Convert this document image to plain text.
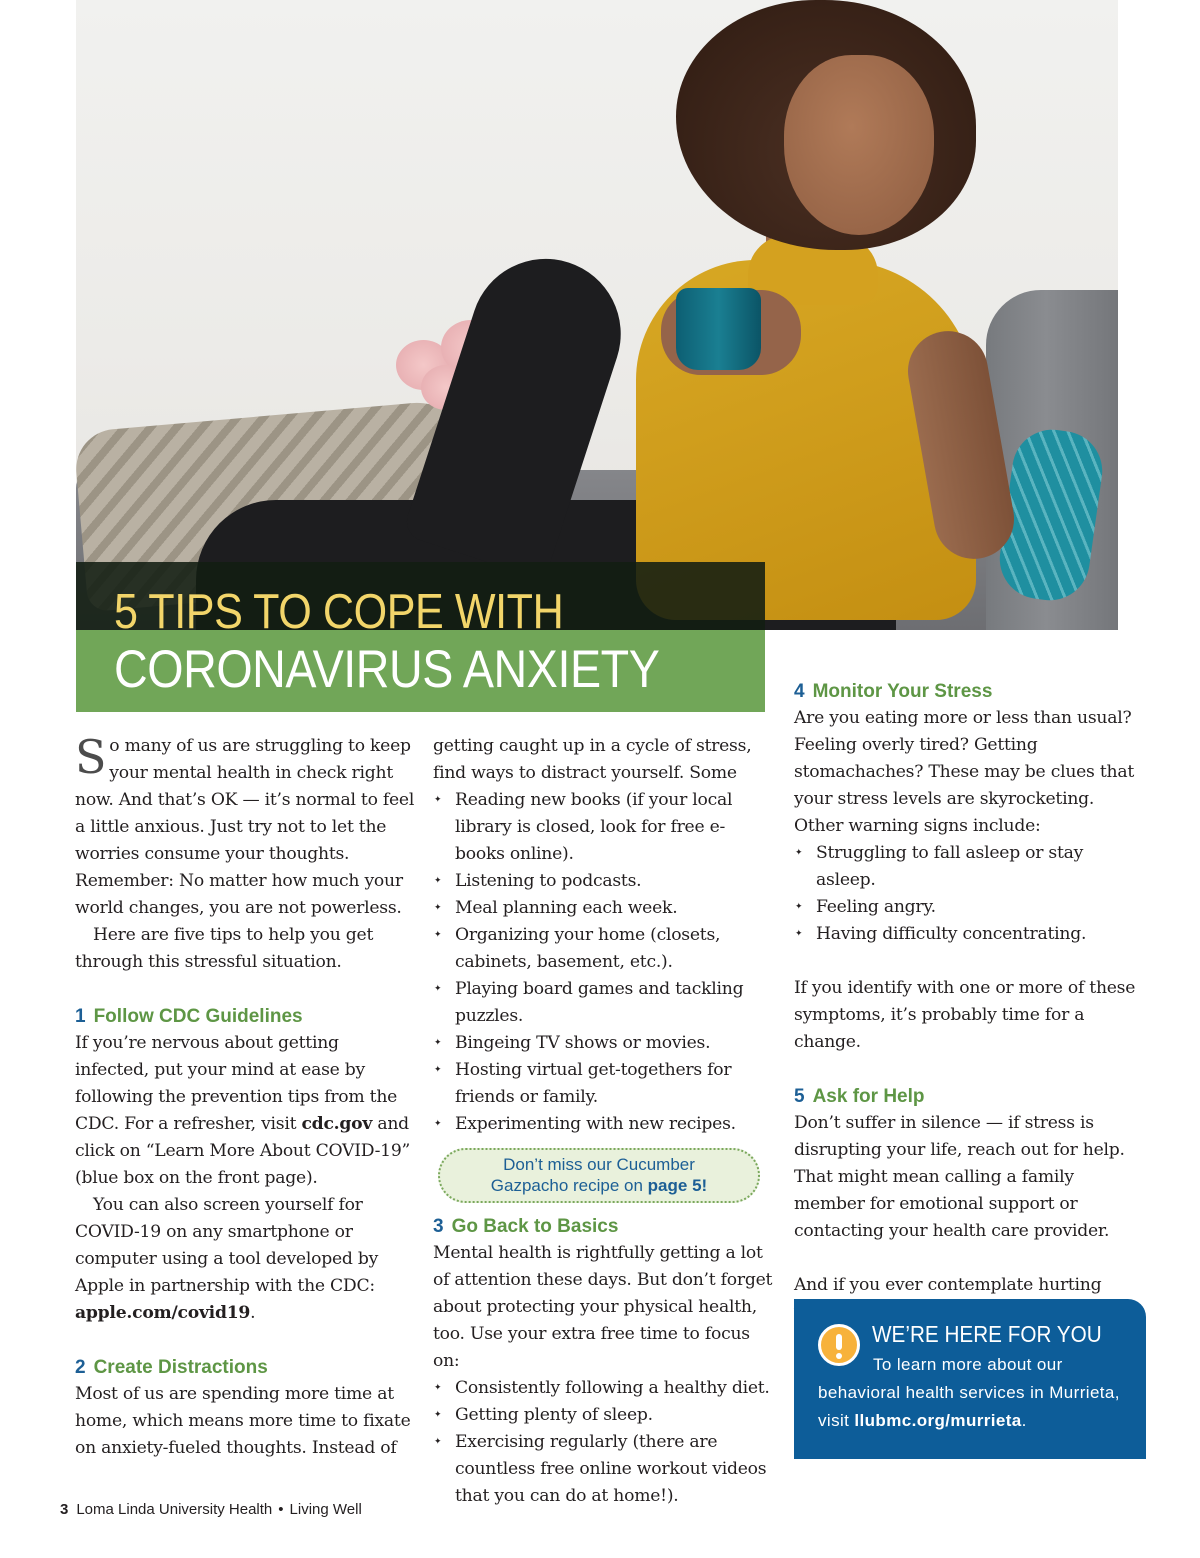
5 TIPS TO COPE WITH
CORONAVIRUS ANXIETY

So many of us are struggling to keep your mental health in check right now. And that’s OK — it’s normal to feel a little anxious. Just try not to let the worries consume your thoughts. Remember: No matter how much your world changes, you are not powerless.

Here are five tips to help you get through this stressful situation.

1 Follow CDC Guidelines

If you’re nervous about getting infected, put your mind at ease by following the prevention tips from the CDC. For a refresher, visit cdc.gov and click on “Learn More About COVID-19” (blue box on the front page).

You can also screen yourself for COVID-19 on any smartphone or computer using a tool developed by Apple in partnership with the CDC: apple.com/covid19.

2 Create Distractions

Most of us are spending more time at home, which means more time to fixate on anxiety-fueled thoughts. Instead of

getting caught up in a cycle of stress, find ways to distract yourself. Some

✦ Reading new books (if your local library is closed, look for free e-books online).
✦ Listening to podcasts.
✦ Meal planning each week.
✦ Organizing your home (closets, cabinets, basement, etc.).
✦ Playing board games and tackling puzzles.
✦ Bingeing TV shows or movies.
✦ Hosting virtual get-togethers for friends or family.
✦ Experimenting with new recipes.
Don’t miss our Cucumber
Gazpacho recipe on page 5!
3 Go Back to Basics

Mental health is rightfully getting a lot of attention these days. But don’t forget about protecting your physical health, too. Use your extra free time to focus on:

✦ Consistently following a healthy diet.
✦ Getting plenty of sleep.
✦ Exercising regularly (there are countless free online workout videos that you can do at home!).
4 Monitor Your Stress

Are you eating more or less than usual? Feeling overly tired? Getting stomachaches? These may be clues that your stress levels are skyrocketing. Other warning signs include:

✦ Struggling to fall asleep or stay asleep.
✦ Feeling angry.
✦ Having difficulty concentrating.

If you identify with one or more of these symptoms, it’s probably time for a change.

5 Ask for Help

Don’t suffer in silence — if stress is disrupting your life, reach out for help. That might mean calling a family member for emotional support or contacting your health care provider.

And if you ever contemplate hurting

WE’RE HERE FOR YOU
To learn more about our behavioral health services in Murrieta, visit llubmc.org/murrieta.
3 Loma Linda University Health • Living Well
